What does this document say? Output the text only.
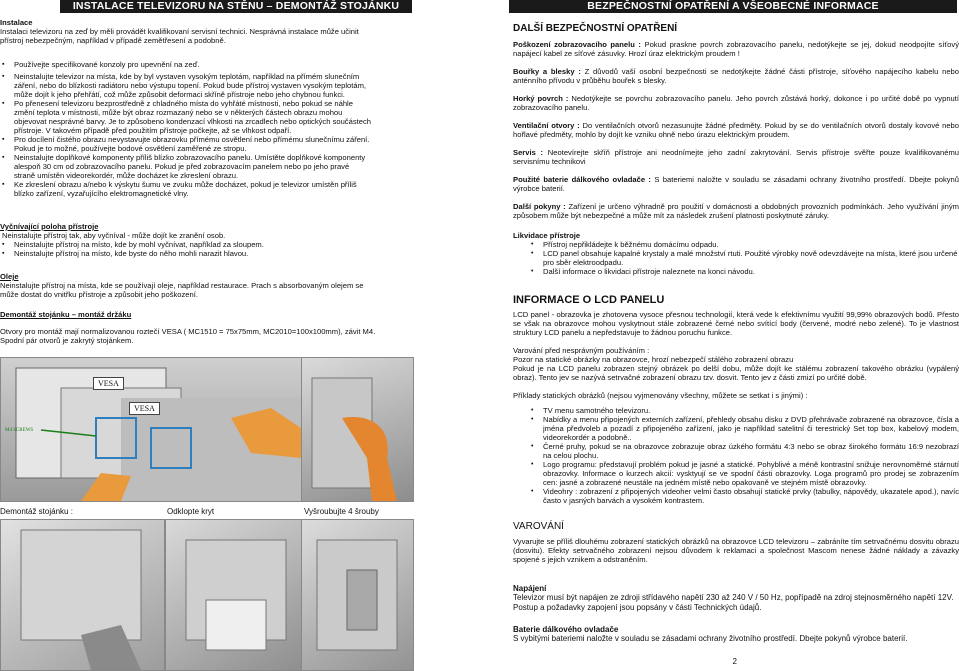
INSTALACE TELEVIZORU NA STĚNU – DEMONTÁŽ STOJÁNKU
Instalace
Instalaci televizoru na zeď by měli provádět kvalifikovaní servisní technici. Nesprávná instalace může učinit
přístroj nebezpečným, například v případě zemětřesení a podobně.
▪ Používejte specifikované konzoly pro upevnění na zeď.
▪ Neinstalujte televizor na místa, kde by byl vystaven vysokým teplotám, například na přímém slunečním
záření, nebo do blízkosti radiátoru nebo výstupu topení. Pokud bude přístroj vystaven vysokým teplotám,
může dojít k jeho přehřátí, což může způsobit deformaci skříně přístroje nebo jeho chybnou funkci.
▪ Po přenesení televizoru bezprostředně z chladného místa do vyhřáté místnosti, nebo pokud se náhle
změní teplota v místnosti, může být obraz rozmazaný nebo se v některých částech obrazu mohou
objevovat nesprávné barvy. Je to způsobeno kondenzací vlhkosti na zrcadlech nebo optických součástech
přístroje. V takovém případě před použitím přístroje počkejte, až se vlhkost odpaří.
▪ Pro docílení čistého obrazu nevystavujte obrazovku přímému osvětlení nebo přímému slunečnímu záření.
Pokud je to možné, používejte bodové osvětlení zaměřené ze stropu.
▪ Neinstalujte doplňkové komponenty příliš blízko zobrazovacího panelu. Umístěte doplňkové komponenty
alespoň 30 cm od zobrazovacího panelu. Pokud je před zobrazovacím panelem nebo po jeho pravé
straně umístěn videorekordér, může docházet ke zkreslení obrazu.
▪ Ke zkreslení obrazu a/nebo k výskytu šumu ve zvuku může docházet, pokud je televizor umístěn příliš
blízko zařízení, vyzařujícího elektromagnetické vlny.
Vyčnívající poloha přístroje
Neinstalujte přístroj tak, aby vyčníval - může dojít ke zranění osob.
▪ Neinstalujte přístroj na místo, kde by mohl vyčnívat, například za sloupem.
▪ Neinstalujte přístroj na místo, kde byste do něho mohli narazit hlavou.
Oleje
Neinstalujte přístroj na místa, kde se používají oleje, například restaurace. Prach s absorbovaným olejem se
může dostat do vnitřku přístroje a způsobit jeho poškození.
Demontáž stojánku – montáž držáku
Otvory pro montáž mají normalizovanou roztečí VESA ( MC1510 = 75x75mm, MC2010=100x100mm), závit M4.
Spodní pár otvorů je zakrytý stojánkem.
VESA
VESA
M4 SCREWS
Demontáž stojánku :	Odklopte kryt	Vyšroubujte 4 šrouby
BEZPEČNOSTNÍ OPATŘENÍ A VŠEOBECNÉ INFORMACE
DALŠÍ BEZPEČNOSTNÍ OPATŘENÍ

Poškození zobrazovacího panelu : Pokud praskne povrch zobrazovacího panelu, nedotýkejte se jej, dokud neodpojíte síťový napájecí kabel ze síťové zásuvky. Hrozí úraz elektrickým proudem !

Bouřky a blesky : Z důvodů vaší osobní bezpečnosti se nedotýkejte žádné části přístroje, síťového napájecího kabelu nebo anténního přívodu v průběhu bouřek s blesky.

Horký povrch : Nedotýkejte se povrchu zobrazovacího panelu. Jeho povrch zůstává horký, dokonce i po určité době po vypnutí zobrazovacího panelu.

Ventilační otvory : Do ventilačních otvorů nezasunujte žádné předměty. Pokud by se do ventilačních otvorů dostaly kovové nebo hořlavé předměty, mohlo by dojít ke vzniku ohně nebo úrazu elektrickým proudem.

Servis : Neotevírejte skříň přístroje ani neodnímejte jeho zadní zakrytování. Servis přístroje svěřte pouze kvalifikovanému servisnímu technikovi

Použité baterie dálkového ovladače : S bateriemi naložte v souladu se zásadami ochrany životního prostředí. Dbejte pokynů výrobce baterií.

Další pokyny : Zařízení je určeno výhradně pro použití v domácnosti a obdobných provozních podmínkách. Jeho využívání jiným způsobem může být nebezpečné a může mít za následek zrušení platnosti poskytnuté záruky.

Likvidace přístroje
• Přístroj nepřikládejte k běžnému domácímu odpadu.
• LCD panel obsahuje kapalné krystaly a malé množství rtuti. Použité výrobky nově odevzdávejte na místa, které jsou určené pro sběr elektroodpadu.
• Další informace o likvidaci přístroje naleznete na konci návodu.
INFORMACE O LCD PANELU

LCD panel - obrazovka je zhotovena vysoce přesnou technologií, která vede k efektivnímu využití 99,99% obrazových bodů. Přesto se však na obrazovce mohou vyskytnout stále zobrazené černé nebo svítící body (červené, modré nebo zelené). To je vlastnost struktury LCD panelu a nepředstavuje to žádnou poruchu funkce.

Varování před nesprávným používáním :

Pozor na statické obrázky na obrazovce, hrozí nebezpečí stálého zobrazení obrazu

Pokud je na LCD panelu zobrazen stejný obrázek po delší dobu, může dojít ke stálému zobrazení takového obrázku (vypálený obraz). Tento jev se nazývá setrvačné zobrazení obrazu tzv. dosvit. Tento jev z části zmizí po určité době.

Příklady statických obrázků (nejsou vyjmenovány všechny, můžete se setkat i s jinými) :

• TV menu samotného televizoru.
• Nabídky a menu připojených externích zařízení, přehledy obsahu disku z DVD přehrávače zobrazené na obrazovce, čísla a jména předvoleb a pozadí z připojeného zařízení, jako je například satelitní či terestrický Set top box, kabelový modem, videorekordér a podobně..
• Černé pruhy, pokud se na obrazovce zobrazuje obraz úzkého formátu 4:3 nebo se obraz širokého formátu 16:9 nezobrazí na celou plochu.
• Logo programu: představují problém pokud je jasné a statické. Pohyblivé a méně kontrastní snižuje nerovnoměrné stárnutí obrazovky. Informace o kurzech akcií: vysktyují se ve spodní části obrazovky. Loga programů pro prodej se zobrazením cen: jasné a zobrazené neustále na jedném místě nebo opakovaně ve stejném místě obrazovky.
• Videohry : zobrazení z připojených videoher velmi často obsahují statické prvky (tabulky, nápovědy, ukazatele apod.), navíc často v jasných barvách a vysokém kontrastem.
VAROVÁNÍ

Vyvarujte se příliš dlouhému zobrazení statických obrázků na obrazovce LCD televizoru – zabráníte tím setrvačnému dosvitu obrazu (dosvitu). Efekty setrvačného zobrazení nejsou důvodem k reklamaci a společnost Mascom nenese žádné náklady a závazky spojené s jejich vznikem a odstraněním.

Napájení

Televizor musí být napájen ze zdroji střídavého napětí 230 až 240 V / 50 Hz, popřípadě na zdroj stejnosměrného napětí 12V. Postup a požadavky zapojení jsou popsány v části Technických údajů.

Baterie dálkového ovladače

S vybitými bateriemi naložte v souladu se zásadami ochrany životního prostředí. Dbejte pokynů výrobce baterií.

2
